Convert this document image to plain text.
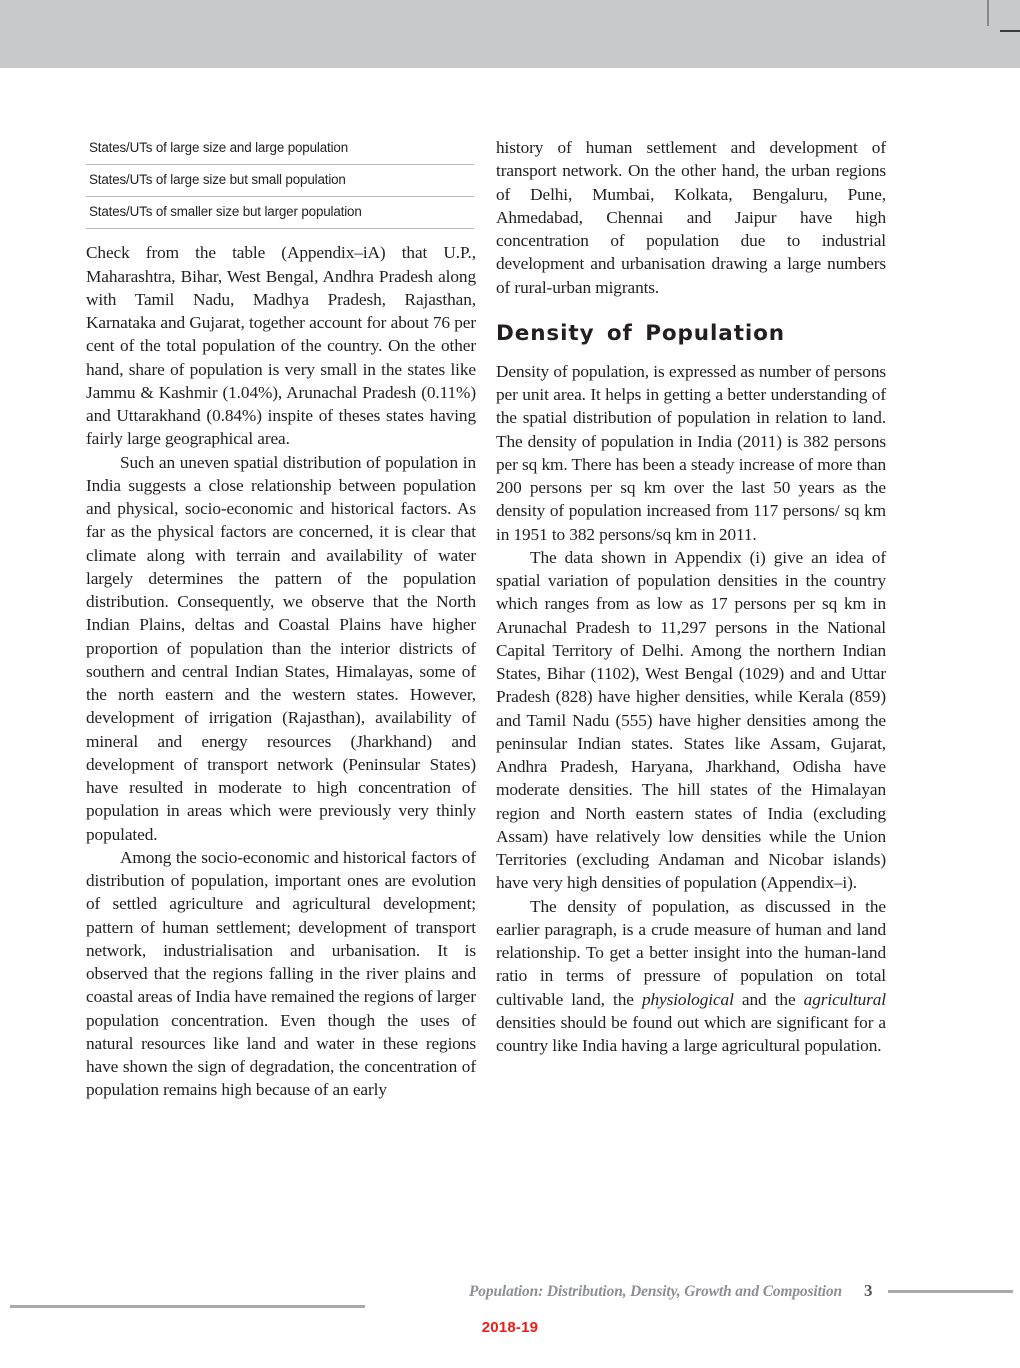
States/UTs of large size and large population
States/UTs of large size but small population
States/UTs of smaller size but larger population

Check from the table (Appendix–iA) that U.P., Maharashtra, Bihar, West Bengal, Andhra Pradesh along with Tamil Nadu, Madhya Pradesh, Rajasthan, Karnataka and Gujarat, together account for about 76 per cent of the total population of the country. On the other hand, share of population is very small in the states like Jammu & Kashmir (1.04%), Arunachal Pradesh (0.11%) and Uttarakhand (0.84%) inspite of theses states having fairly large geographical area.

Such an uneven spatial distribution of population in India suggests a close relationship between population and physical, socio-economic and historical factors. As far as the physical factors are concerned, it is clear that climate along with terrain and availability of water largely determines the pattern of the population distribution. Consequently, we observe that the North Indian Plains, deltas and Coastal Plains have higher proportion of population than the interior districts of southern and central Indian States, Himalayas, some of the north eastern and the western states. However, development of irrigation (Rajasthan), availability of mineral and energy resources (Jharkhand) and development of transport network (Peninsular States) have resulted in moderate to high concentration of population in areas which were previously very thinly populated.

Among the socio-economic and historical factors of distribution of population, important ones are evolution of settled agriculture and agricultural development; pattern of human settlement; development of transport network, industrialisation and urbanisation. It is observed that the regions falling in the river plains and coastal areas of India have remained the regions of larger population concentration. Even though the uses of natural resources like land and water in these regions have shown the sign of degradation, the concentration of population remains high because of an early

history of human settlement and development of transport network. On the other hand, the urban regions of Delhi, Mumbai, Kolkata, Bengaluru, Pune, Ahmedabad, Chennai and Jaipur have high concentration of population due to industrial development and urbanisation drawing a large numbers of rural-urban migrants.

Density of Population

Density of population, is expressed as number of persons per unit area. It helps in getting a better understanding of the spatial distribution of population in relation to land. The density of population in India (2011) is 382 persons per sq km. There has been a steady increase of more than 200 persons per sq km over the last 50 years as the density of population increased from 117 persons/ sq km in 1951 to 382 persons/sq km in 2011.

The data shown in Appendix (i) give an idea of spatial variation of population densities in the country which ranges from as low as 17 persons per sq km in Arunachal Pradesh to 11,297 persons in the National Capital Territory of Delhi. Among the northern Indian States, Bihar (1102), West Bengal (1029) and and Uttar Pradesh (828) have higher densities, while Kerala (859) and Tamil Nadu (555) have higher densities among the peninsular Indian states. States like Assam, Gujarat, Andhra Pradesh, Haryana, Jharkhand, Odisha have moderate densities. The hill states of the Himalayan region and North eastern states of India (excluding Assam) have relatively low densities while the Union Territories (excluding Andaman and Nicobar islands) have very high densities of population (Appendix–i).

The density of population, as discussed in the earlier paragraph, is a crude measure of human and land relationship. To get a better insight into the human-land ratio in terms of pressure of population on total cultivable land, the physiological and the agricultural densities should be found out which are significant for a country like India having a large agricultural population.

Population: Distribution, Density, Growth and Composition 3
2018-19
